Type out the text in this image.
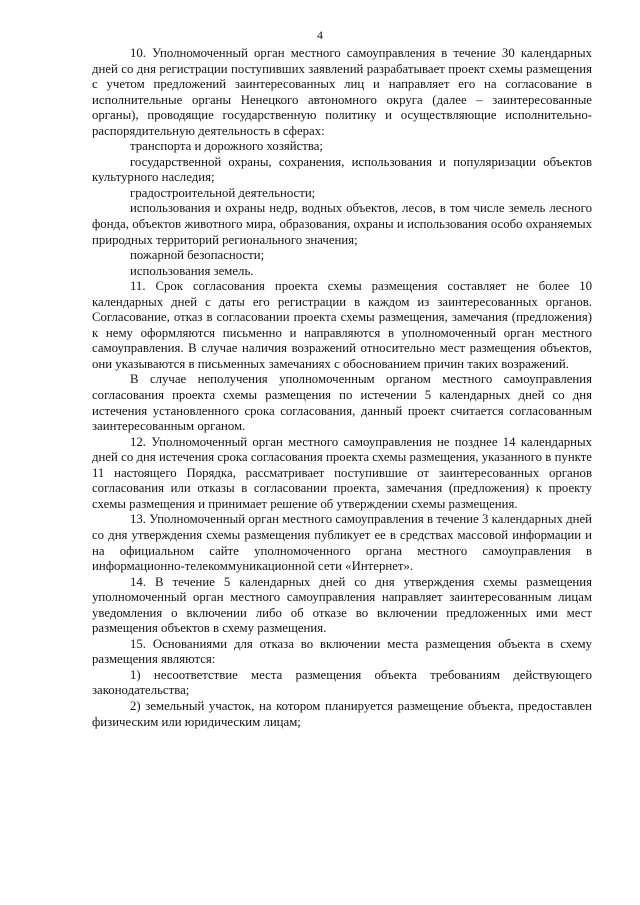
4

10. Уполномоченный орган местного самоуправления в течение 30 календарных дней со дня регистрации поступивших заявлений разрабатывает проект схемы размещения с учетом предложений заинтересованных лиц и направляет его на согласование в исполнительные органы Ненецкого автономного округа (далее – заинтересованные органы), проводящие государственную политику и осуществляющие исполнительно-распорядительную деятельность в сферах:

транспорта и дорожного хозяйства;

государственной охраны, сохранения, использования и популяризации объектов культурного наследия;

градостроительной деятельности;

использования и охраны недр, водных объектов, лесов, в том числе земель лесного фонда, объектов животного мира, образования, охраны и использования особо охраняемых природных территорий регионального значения;

пожарной безопасности;

использования земель.

11. Срок согласования проекта схемы размещения составляет не более 10 календарных дней с даты его регистрации в каждом из заинтересованных органов. Согласование, отказ в согласовании проекта схемы размещения, замечания (предложения) к нему оформляются письменно и направляются в уполномоченный орган местного самоуправления. В случае наличия возражений относительно мест размещения объектов, они указываются в письменных замечаниях с обоснованием причин таких возражений.

В случае неполучения уполномоченным органом местного самоуправления согласования проекта схемы размещения по истечении 5 календарных дней со дня истечения установленного срока согласования, данный проект считается согласованным заинтересованным органом.

12. Уполномоченный орган местного самоуправления не позднее 14 календарных дней со дня истечения срока согласования проекта схемы размещения, указанного в пункте 11 настоящего Порядка, рассматривает поступившие от заинтересованных органов согласования или отказы в согласовании проекта, замечания (предложения) к проекту схемы размещения и принимает решение об утверждении схемы размещения.

13. Уполномоченный орган местного самоуправления в течение 3 календарных дней со дня утверждения схемы размещения публикует ее в средствах массовой информации и на официальном сайте уполномоченного органа местного самоуправления в информационно-телекоммуникационной сети «Интернет».

14. В течение 5 календарных дней со дня утверждения схемы размещения уполномоченный орган местного самоуправления направляет заинтересованным лицам уведомления о включении либо об отказе во включении предложенных ими мест размещения объектов в схему размещения.

15. Основаниями для отказа во включении места размещения объекта в схему размещения являются:

1) несоответствие места размещения объекта требованиям действующего законодательства;

2) земельный участок, на котором планируется размещение объекта, предоставлен физическим или юридическим лицам;
